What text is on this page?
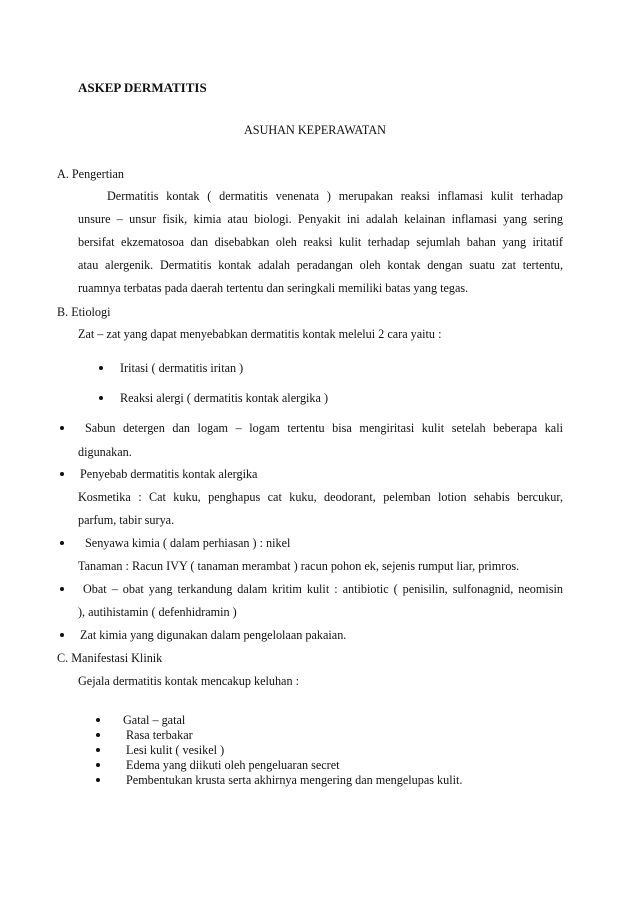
ASKEP DERMATITIS
ASUHAN KEPERAWATAN
A. Pengertian
Dermatitis kontak ( dermatitis venenata ) merupakan reaksi inflamasi kulit terhadap
unsure – unsur fisik, kimia atau biologi. Penyakit ini adalah kelainan inflamasi yang sering
bersifat ekzematosoa dan disebabkan oleh reaksi kulit terhadap sejumlah bahan yang iritatif
atau alergenik. Dermatitis kontak adalah peradangan oleh kontak dengan suatu zat tertentu,
ruamnya terbatas pada daerah tertentu dan seringkali memiliki batas yang tegas.
B. Etiologi
Zat – zat yang dapat menyebabkan dermatitis kontak melelui 2 cara yaitu :
Iritasi ( dermatitis iritan )
Reaksi alergi ( dermatitis kontak alergika )
Sabun detergen dan logam – logam tertentu bisa mengiritasi kulit setelah beberapa kali
digunakan.
Penyebab dermatitis kontak alergika
Kosmetika : Cat kuku, penghapus cat kuku, deodorant, pelemban lotion sehabis bercukur,
parfum, tabir surya.
Senyawa kimia ( dalam perhiasan ) : nikel
Tanaman : Racun IVY ( tanaman merambat ) racun pohon ek, sejenis rumput liar, primros.
Obat – obat yang terkandung dalam kritim kulit : antibiotic ( penisilin, sulfonagnid, neomisin
), autihistamin ( defenhidramin )
Zat kimia yang digunakan dalam pengelolaan pakaian.
C. Manifestasi Klinik
Gejala dermatitis kontak mencakup keluhan :
Gatal – gatal
Rasa terbakar
Lesi kulit ( vesikel )
Edema yang diikuti oleh pengeluaran secret
Pembentukan krusta serta akhirnya mengering dan mengelupas kulit.
